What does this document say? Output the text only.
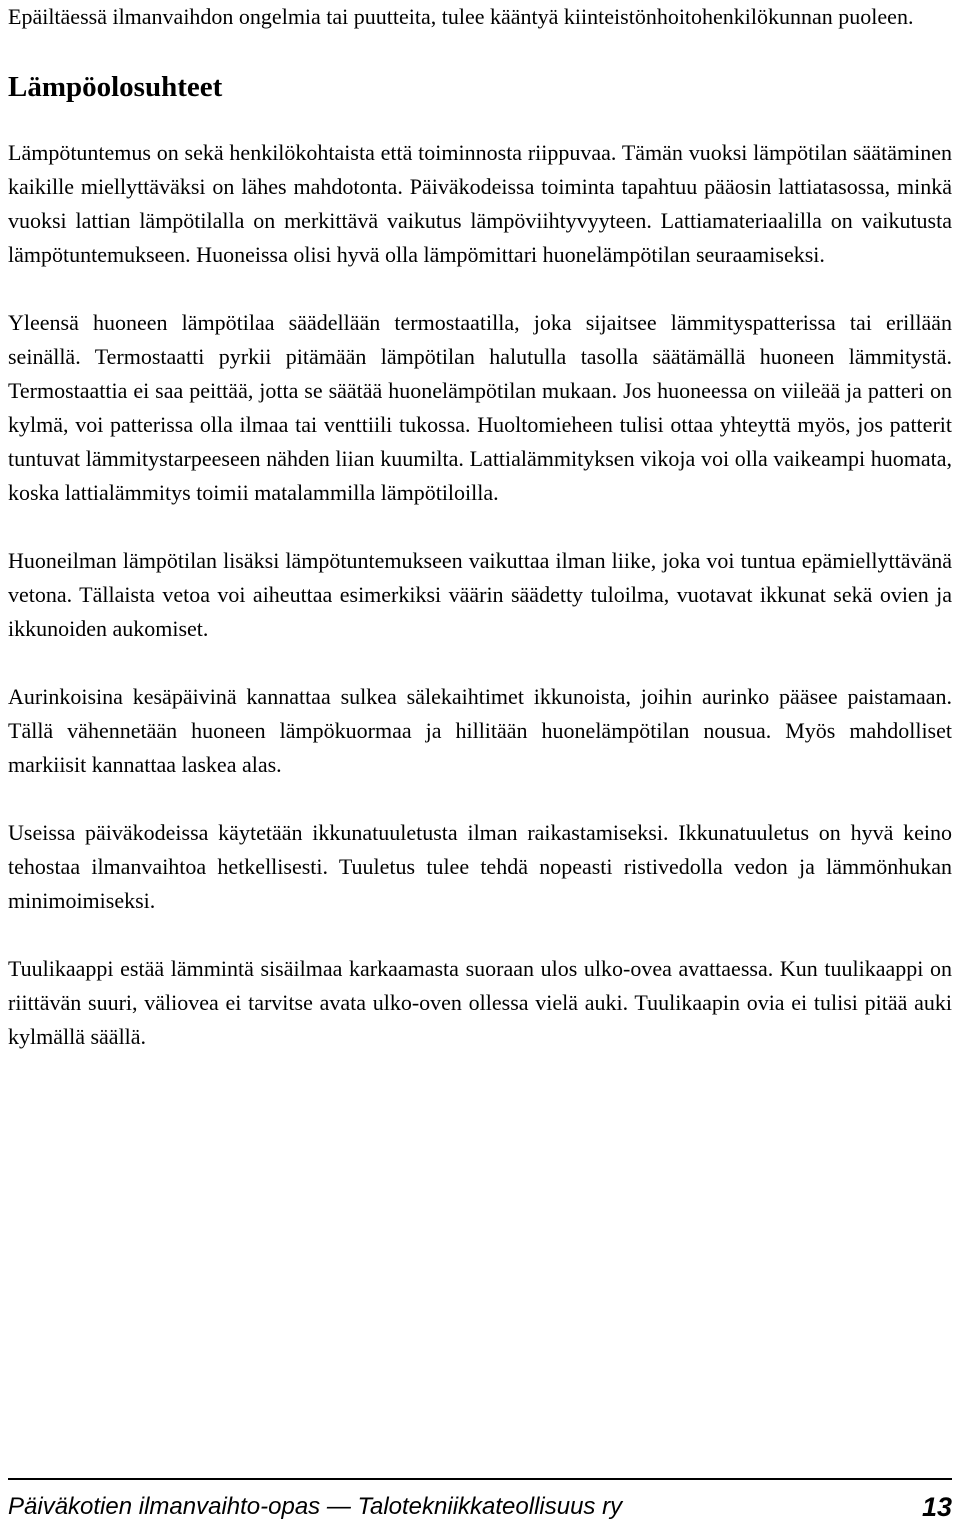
Epäiltäessä ilmanvaihdon ongelmia tai puutteita, tulee kääntyä kiinteistönhoitohenkilökunnan puoleen.

Lämpöolosuhteet

Lämpötuntemus on sekä henkilökohtaista että toiminnosta riippuvaa. Tämän vuoksi lämpötilan säätäminen kaikille miellyttäväksi on lähes mahdotonta. Päiväkodeissa toiminta tapahtuu pääosin lattiatasossa, minkä vuoksi lattian lämpötilalla on merkittävä vaikutus lämpöviihtyvyyteen. Lattiamateriaalilla on vaikutusta lämpötuntemukseen. Huoneissa olisi hyvä olla lämpömittari huonelämpötilan seuraamiseksi.

Yleensä huoneen lämpötilaa säädellään termostaatilla, joka sijaitsee lämmityspatterissa tai erillään seinällä. Termostaatti pyrkii pitämään lämpötilan halutulla tasolla säätämällä huoneen lämmitystä. Termostaattia ei saa peittää, jotta se säätää huonelämpötilan mukaan. Jos huoneessa on viileää ja patteri on kylmä, voi patterissa olla ilmaa tai venttiili tukossa. Huoltomieheen tulisi ottaa yhteyttä myös, jos patterit tuntuvat lämmitystarpeeseen nähden liian kuumilta. Lattialämmityksen vikoja voi olla vaikeampi huomata, koska lattialämmitys toimii matalammilla lämpötiloilla.

Huoneilman lämpötilan lisäksi lämpötuntemukseen vaikuttaa ilman liike, joka voi tuntua epämiellyttävänä vetona. Tällaista vetoa voi aiheuttaa esimerkiksi väärin säädetty tuloilma, vuotavat ikkunat sekä ovien ja ikkunoiden aukomiset.

Aurinkoisina kesäpäivinä kannattaa sulkea sälekaihtimet ikkunoista, joihin aurinko pääsee paistamaan. Tällä vähennetään huoneen lämpökuormaa ja hillitään huonelämpötilan nousua. Myös mahdolliset markiisit kannattaa laskea alas.

Useissa päiväkodeissa käytetään ikkunatuuletusta ilman raikastamiseksi. Ikkunatuuletus on hyvä keino tehostaa ilmanvaihtoa hetkellisesti. Tuuletus tulee tehdä nopeasti ristivedolla vedon ja lämmönhukan minimoimiseksi.

Tuulikaappi estää lämmintä sisäilmaa karkaamasta suoraan ulos ulko-ovea avattaessa. Kun tuulikaappi on riittävän suuri, väliovea ei tarvitse avata ulko-oven ollessa vielä auki. Tuulikaapin ovia ei tulisi pitää auki kylmällä säällä.

Päiväkotien ilmanvaihto-opas — Talotekniikkateollisuus ry	13
